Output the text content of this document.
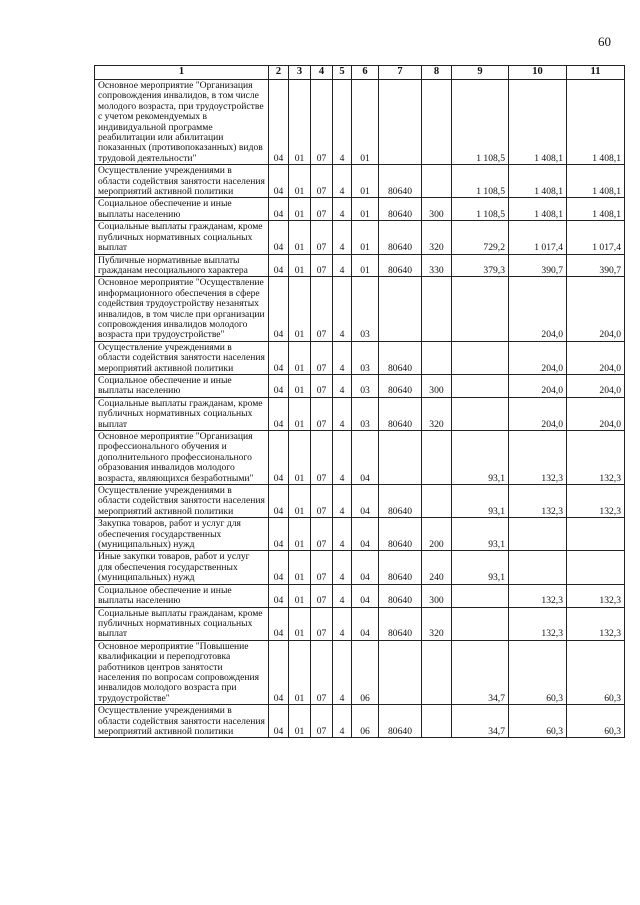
60
1	2	3	4	5	6	7	8	9	10	11
Основное мероприятие "Организация сопровождения инвалидов, в том числе молодого возраста, при трудоустройстве с учетом рекомендуемых в индивидуальной программе реабилитации или абилитации показанных (противопоказанных) видов трудовой деятельности"	04	01	07	4	01			1 108,5	1 408,1	1 408,1
Осуществление учреждениями в области содействия занятости населения мероприятий активной политики	04	01	07	4	01	80640		1 108,5	1 408,1	1 408,1
Социальное обеспечение и иные выплаты населению	04	01	07	4	01	80640	300	1 108,5	1 408,1	1 408,1
Социальные выплаты гражданам, кроме публичных нормативных социальных выплат	04	01	07	4	01	80640	320	729,2	1 017,4	1 017,4
Публичные нормативные выплаты гражданам несоциального характера	04	01	07	4	01	80640	330	379,3	390,7	390,7
Основное мероприятие "Осуществление информационного обеспечения в сфере содействия трудоустройству незанятых инвалидов, в том числе при организации сопровождения инвалидов молодого возраста при трудоустройстве"	04	01	07	4	03				204,0	204,0
Осуществление учреждениями в области содействия занятости населения мероприятий активной политики	04	01	07	4	03	80640			204,0	204,0
Социальное обеспечение и иные выплаты населению	04	01	07	4	03	80640	300		204,0	204,0
Социальные выплаты гражданам, кроме публичных нормативных социальных выплат	04	01	07	4	03	80640	320		204,0	204,0
Основное мероприятие "Организация профессионального обучения и дополнительного профессионального образования инвалидов молодого возраста, являющихся безработными"	04	01	07	4	04			93,1	132,3	132,3
Осуществление учреждениями в области содействия занятости населения мероприятий активной политики	04	01	07	4	04	80640		93,1	132,3	132,3
Закупка товаров, работ и услуг для обеспечения государственных (муниципальных) нужд	04	01	07	4	04	80640	200	93,1		
Иные закупки товаров, работ и услуг для обеспечения государственных (муниципальных) нужд	04	01	07	4	04	80640	240	93,1		
Социальное обеспечение и иные выплаты населению	04	01	07	4	04	80640	300		132,3	132,3
Социальные выплаты гражданам, кроме публичных нормативных социальных выплат	04	01	07	4	04	80640	320		132,3	132,3
Основное мероприятие "Повышение квалификации и переподготовка работников центров занятости населения по вопросам сопровождения инвалидов молодого возраста при трудоустройстве"	04	01	07	4	06			34,7	60,3	60,3
Осуществление учреждениями в области содействия занятости населения мероприятий активной политики	04	01	07	4	06	80640		34,7	60,3	60,3
